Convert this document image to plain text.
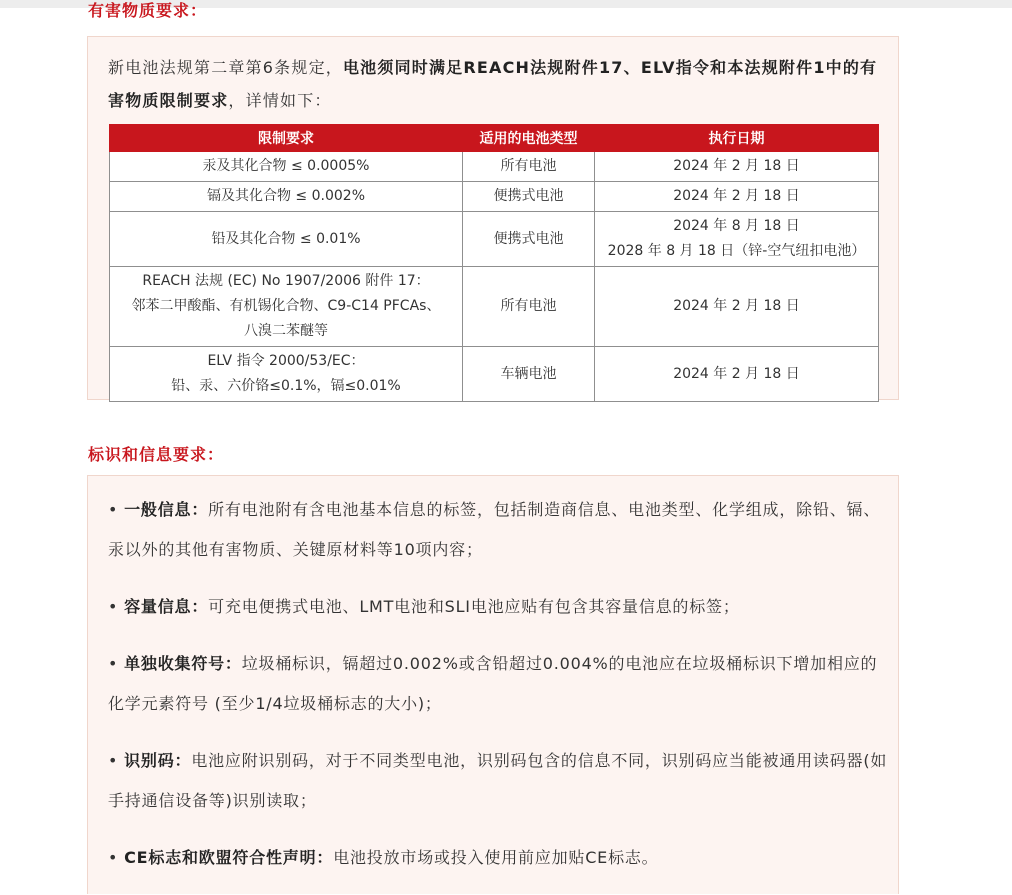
有害物质要求：
新电池法规第二章第6条规定，电池须同时满足REACH法规附件17、ELV指令和本法规附件1中的有害物质限制要求，详情如下：
限制要求	适用的电池类型	执行日期

汞及其化合物 ≤ 0.0005%	所有电池	2024 年 2 月 18 日

镉及其化合物 ≤ 0.002%	便携式电池	2024 年 2 月 18 日

铅及其化合物 ≤ 0.01%	便携式电池	2024 年 8 月 18 日
2028 年 8 月 18 日（锌-空气纽扣电池）

REACH 法规 (EC) No 1907/2006 附件 17：
邻苯二甲酸酯、有机锡化合物、C9-C14 PFCAs、
八溴二苯醚等	所有电池	2024 年 2 月 18 日

ELV 指令 2000/53/EC：
铅、汞、六价铬≤0.1%，镉≤0.01%	车辆电池	2024 年 2 月 18 日
标识和信息要求：
• 一般信息：所有电池附有含电池基本信息的标签，包括制造商信息、电池类型、化学组成，除铅、镉、汞以外的其他有害物质、关键原材料等10项内容；
• 容量信息：可充电便携式电池、LMT电池和SLI电池应贴有包含其容量信息的标签；
• 单独收集符号：垃圾桶标识，镉超过0.002%或含铅超过0.004%的电池应在垃圾桶标识下增加相应的化学元素符号 (至少1/4垃圾桶标志的大小)；
• 识别码：电池应附识别码，对于不同类型电池，识别码包含的信息不同，识别码应当能被通用读码器(如手持通信设备等)识别读取；
• CE标志和欧盟符合性声明：电池投放市场或投入使用前应加贴CE标志。
